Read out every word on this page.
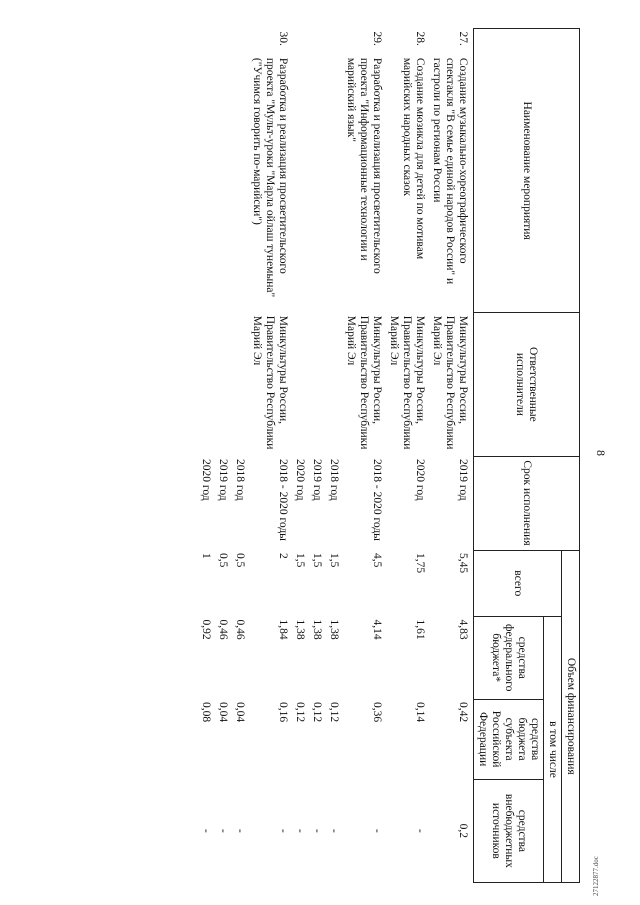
8
Наименование мероприятия		Ответственные исполнители	Срок исполнения	Объем финансирования			
				всего	в том числе		
					средства федерального бюджета*	средства бюджета субъекта Российской Федерации	средства внебюджетных источников
27.	Создание музыкально-хореографического спектакля "В семье единой народов России" и гастроли по регионам России	Минкультуры России, Правительство Республики Марий Эл	2019 год	5,45	4,83	0,42	0,2
28.	Создание мюзикла для детей по мотивам марийских народных сказок	Минкультуры России, Правительство Республики Марий Эл	2020 год	1,75	1,61	0,14	-
29.	Разработка и реализация просветительского проекта "Информационные технологии и марийский язык"	Минкультуры России, Правительство Республики Марий Эл	2018 - 2020 годы	4,5	4,14	0,36	-
			2018 год	1,5	1,38	0,12	-
			2019 год	1,5	1,38	0,12	-
			2020 год	1,5	1,38	0,12	-
30.	Разработка и реализация просветительского проекта "Мульт-уроки "Марла ойлаш тунемына" ("Учимся говорить по-марийски")	Минкультуры России, Правительство Республики Марий Эл	2018 - 2020 годы	2	1,84	0,16	-
			2018 год	0,5	0,46	0,04	-
			2019 год	0,5	0,46	0,04	-
			2020 год	1	0,92	0,08	-
27122877.doc
